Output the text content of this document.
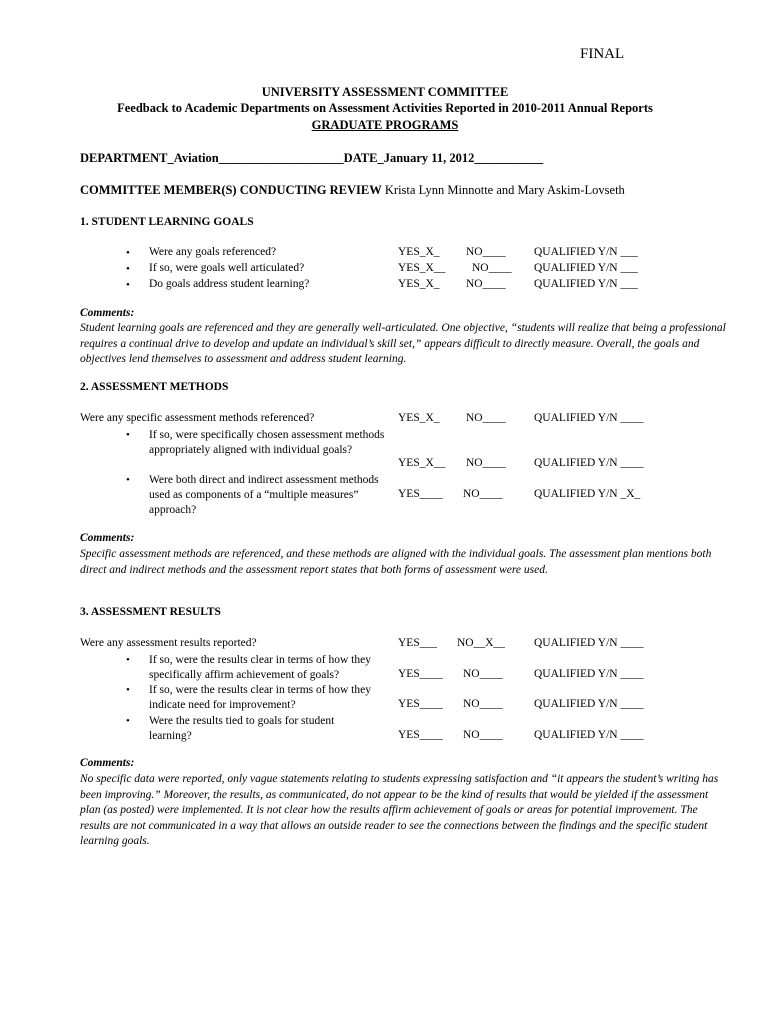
FINAL
UNIVERSITY ASSESSMENT COMMITTEE
Feedback to Academic Departments on Assessment Activities Reported in 2010-2011 Annual Reports
GRADUATE PROGRAMS
DEPARTMENT_Aviation____________________DATE_January 11, 2012___________
COMMITTEE MEMBER(S) CONDUCTING REVIEW Krista Lynn Minnotte and Mary Askim-Lovseth
1. STUDENT LEARNING GOALS
• Were any goals referenced?	YES_X_ NO____ QUALIFIED Y/N ___
• If so, were goals well articulated?	YES_X__ NO____ QUALIFIED Y/N ___
• Do goals address student learning?	YES_X_ NO____ QUALIFIED Y/N ___
Comments:
Student learning goals are referenced and they are generally well-articulated. One objective, “students will realize that being a professional requires a continual drive to develop and update an individual’s skill set,” appears difficult to directly measure. Overall, the goals and objectives lend themselves to assessment and address student learning.
2. ASSESSMENT METHODS
Were any specific assessment methods referenced?	YES_X_ NO____ QUALIFIED Y/N ____
• If so, were specifically chosen assessment methods appropriately aligned with individual goals?
YES_X__ NO____ QUALIFIED Y/N ____
• Were both direct and indirect assessment methods used as components of a “multiple measures” approach?
YES____ NO____	QUALIFIED Y/N _X_
Comments:
Specific assessment methods are referenced, and these methods are aligned with the individual goals. The assessment plan mentions both direct and indirect methods and the assessment report states that both forms of assessment were used.
3. ASSESSMENT RESULTS
Were any assessment results reported?	YES___ NO__X__	QUALIFIED Y/N ____
• If so, were the results clear in terms of how they specifically affirm achievement of goals?	YES____ NO____	QUALIFIED Y/N ____
• If so, were the results clear in terms of how they indicate need for improvement?	YES____ NO____	QUALIFIED Y/N ____
• Were the results tied to goals for student learning?	YES____ NO____	QUALIFIED Y/N ____
Comments:
No specific data were reported, only vague statements relating to students expressing satisfaction and “it appears the student’s writing has been improving.” Moreover, the results, as communicated, do not appear to be the kind of results that would be yielded if the assessment plan (as posted) were implemented. It is not clear how the results affirm achievement of goals or areas for potential improvement. The results are not communicated in a way that allows an outside reader to see the connections between the findings and the specific student learning goals.
